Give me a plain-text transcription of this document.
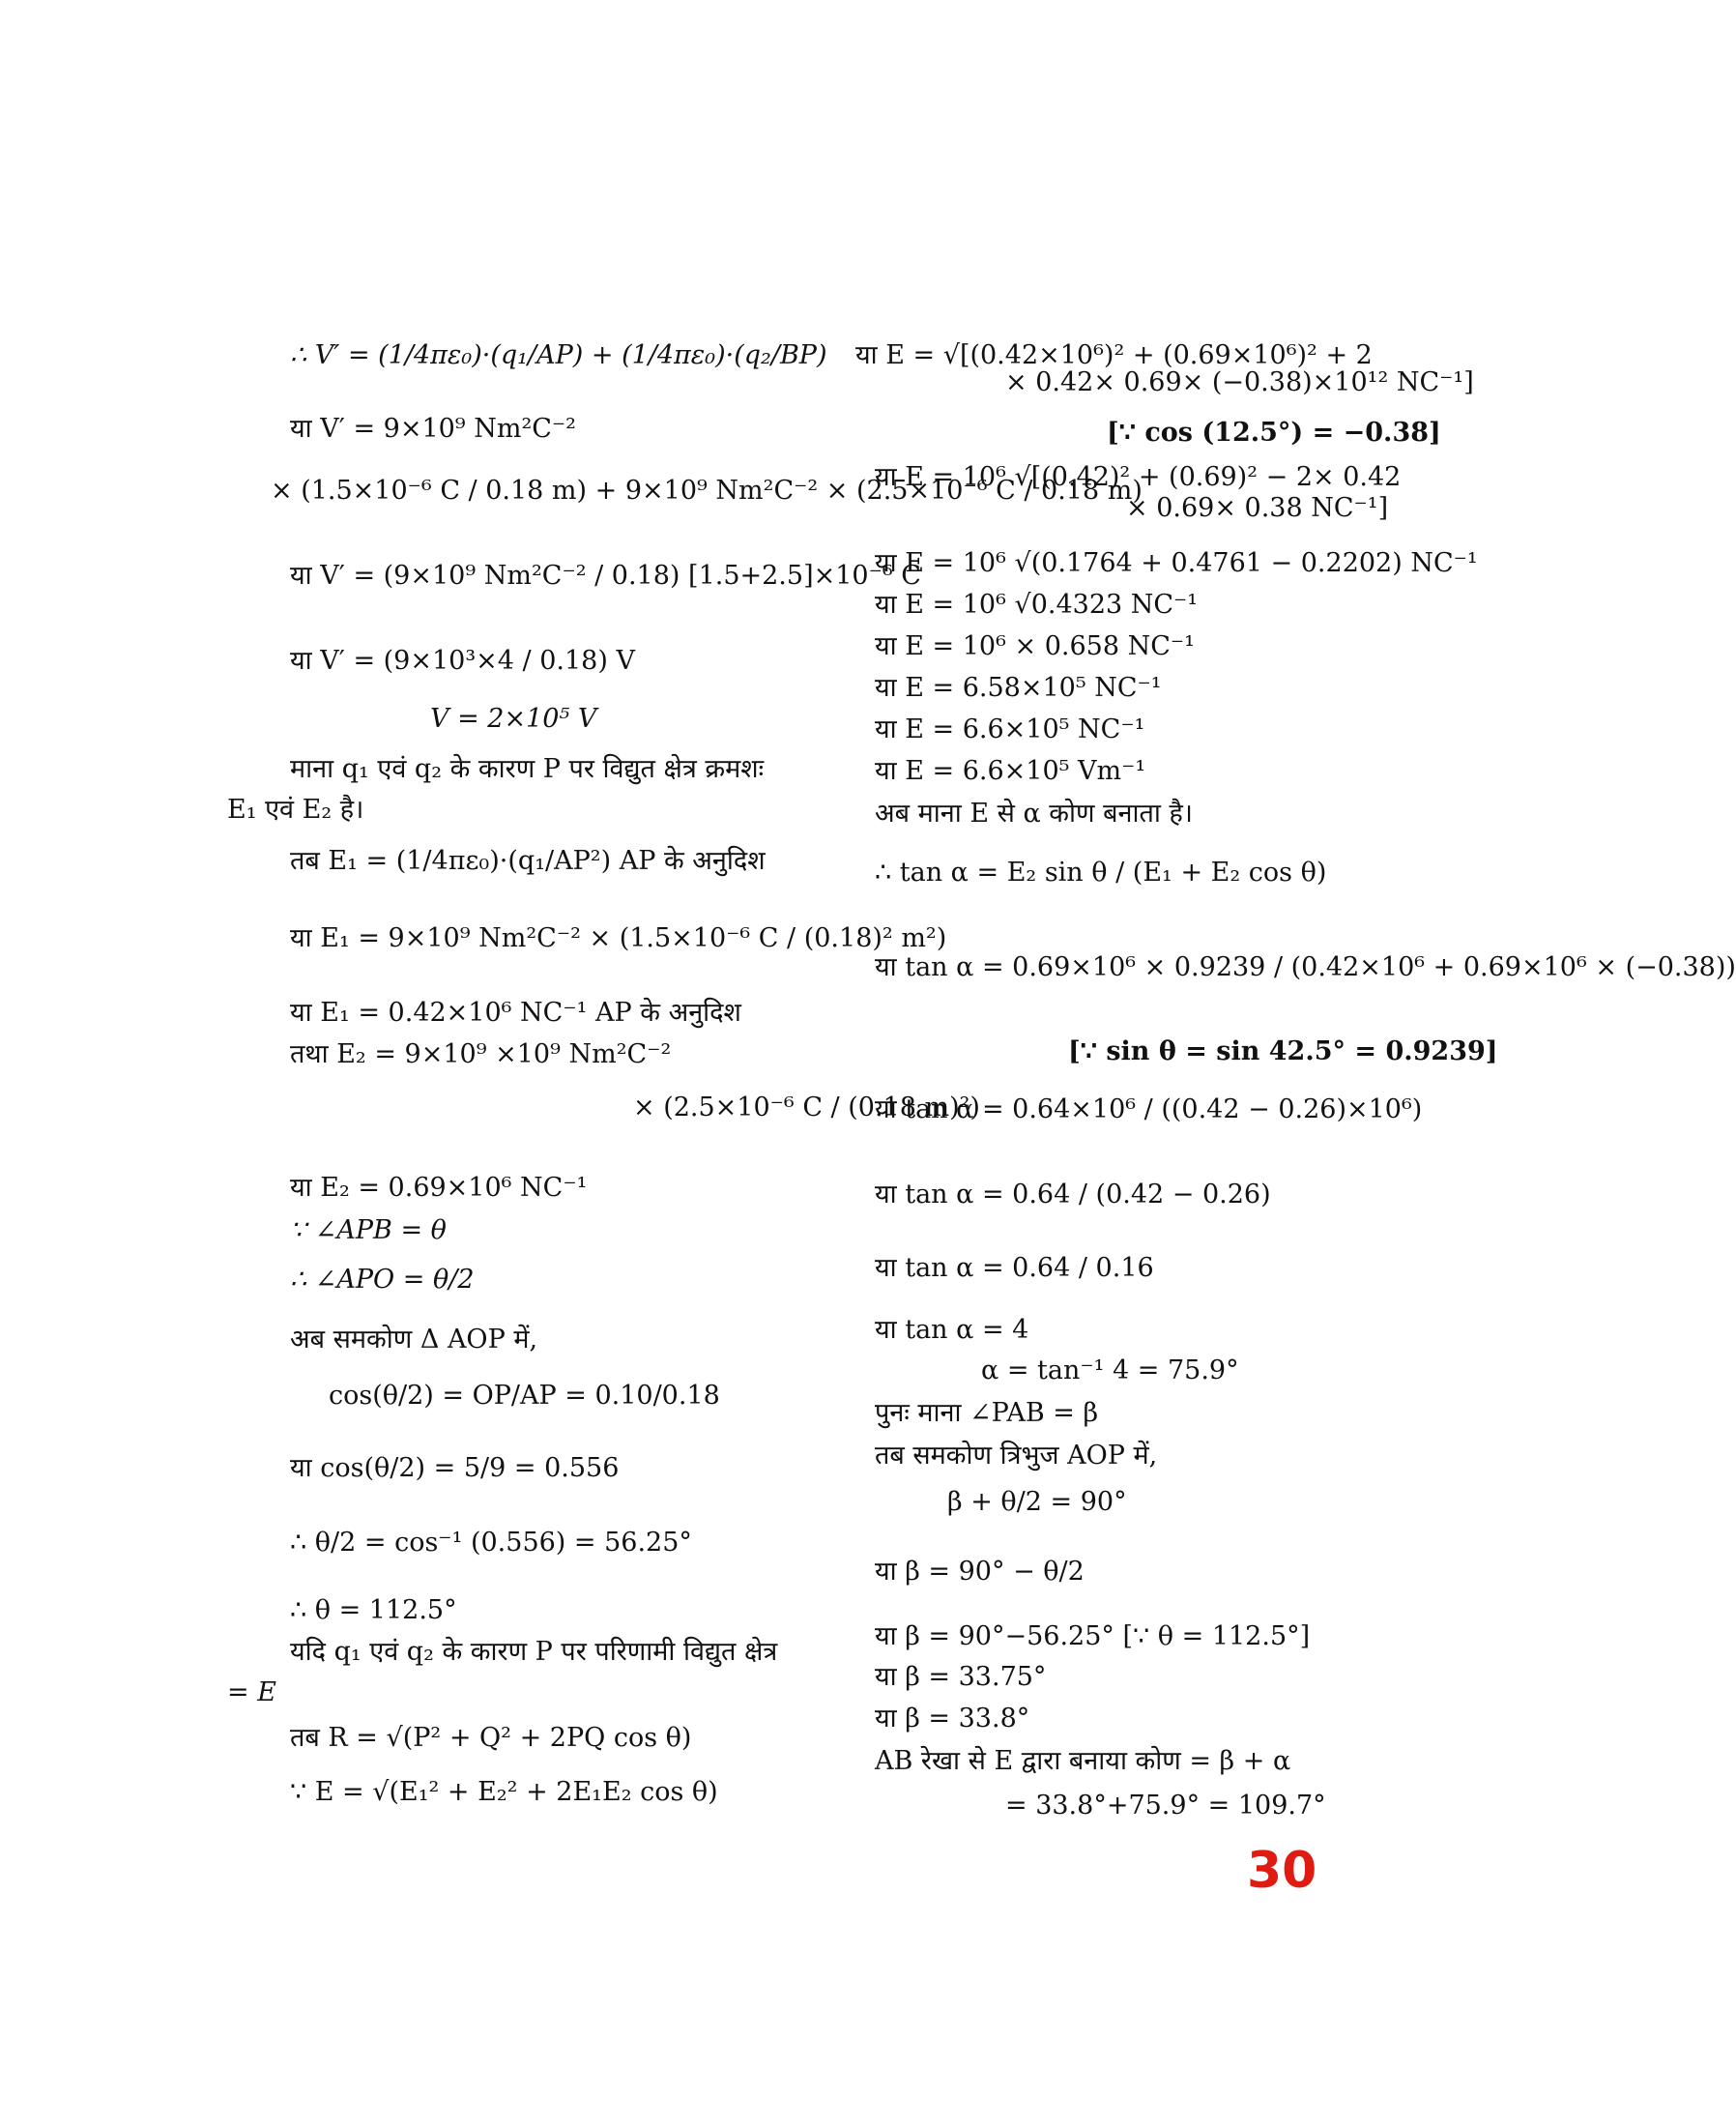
∴ V′ = (1/4πε₀)·(q₁/AP) + (1/4πε₀)·(q₂/BP)
या V′ = 9×10⁹ Nm²C⁻²
× (1.5×10⁻⁶ C / 0.18 m) + 9×10⁹ Nm²C⁻² × (2.5×10⁻⁶ C / 0.18 m)
या V′ = (9×10⁹ Nm²C⁻² / 0.18) [1.5+2.5]×10⁻⁶ C
या V′ = (9×10³×4 / 0.18) V
V = 2×10⁵ V
माना q₁ एवं q₂ के कारण P पर विद्युत क्षेत्र क्रमशः
E₁ एवं E₂ है।
तब E₁ = (1/4πε₀)·(q₁/AP²) AP के अनुदिश
या E₁ = 9×10⁹ Nm²C⁻² × (1.5×10⁻⁶ C / (0.18)² m²)
या E₁ = 0.42×10⁶ NC⁻¹ AP के अनुदिश
तथा E₂ = 9×10⁹ ×10⁹ Nm²C⁻²
× (2.5×10⁻⁶ C / (0.18 m)²)
या E₂ = 0.69×10⁶ NC⁻¹
∵ ∠APB = θ
∴ ∠APO = θ/2
अब समकोण Δ AOP में,
cos(θ/2) = OP/AP = 0.10/0.18
या cos(θ/2) = 5/9 = 0.556
∴ θ/2 = cos⁻¹ (0.556) = 56.25°
∴ θ = 112.5°
यदि q₁ एवं q₂ के कारण P पर परिणामी विद्युत क्षेत्र
= E
तब R = √(P² + Q² + 2PQ cos θ)
∵ E = √(E₁² + E₂² + 2E₁E₂ cos θ)
या E = √[(0.42×10⁶)² + (0.69×10⁶)² + 2
× 0.42× 0.69× (−0.38)×10¹² NC⁻¹]
[∵ cos (12.5°) = −0.38]
या E = 10⁶ √[(0.42)² + (0.69)² − 2× 0.42
× 0.69× 0.38 NC⁻¹]
या E = 10⁶ √(0.1764 + 0.4761 − 0.2202) NC⁻¹
या E = 10⁶ √0.4323 NC⁻¹
या E = 10⁶ × 0.658 NC⁻¹
या E = 6.58×10⁵ NC⁻¹
या E = 6.6×10⁵ NC⁻¹
या E = 6.6×10⁵ Vm⁻¹
अब माना E से α कोण बनाता है।
∴ tan α = E₂ sin θ / (E₁ + E₂ cos θ)
या tan α = 0.69×10⁶ × 0.9239 / (0.42×10⁶ + 0.69×10⁶ × (−0.38))
[∵ sin θ = sin 42.5° = 0.9239]
या tan α = 0.64×10⁶ / ((0.42 − 0.26)×10⁶)
या tan α = 0.64 / (0.42 − 0.26)
या tan α = 0.64 / 0.16
या tan α = 4
α = tan⁻¹ 4 = 75.9°
पुनः माना ∠PAB = β
तब समकोण त्रिभुज AOP में,
β + θ/2 = 90°
या β = 90° − θ/2
या β = 90°−56.25° [∵ θ = 112.5°]
या β = 33.75°
या β = 33.8°
AB रेखा से E द्वारा बनाया कोण = β + α
= 33.8°+75.9° = 109.7°
30
